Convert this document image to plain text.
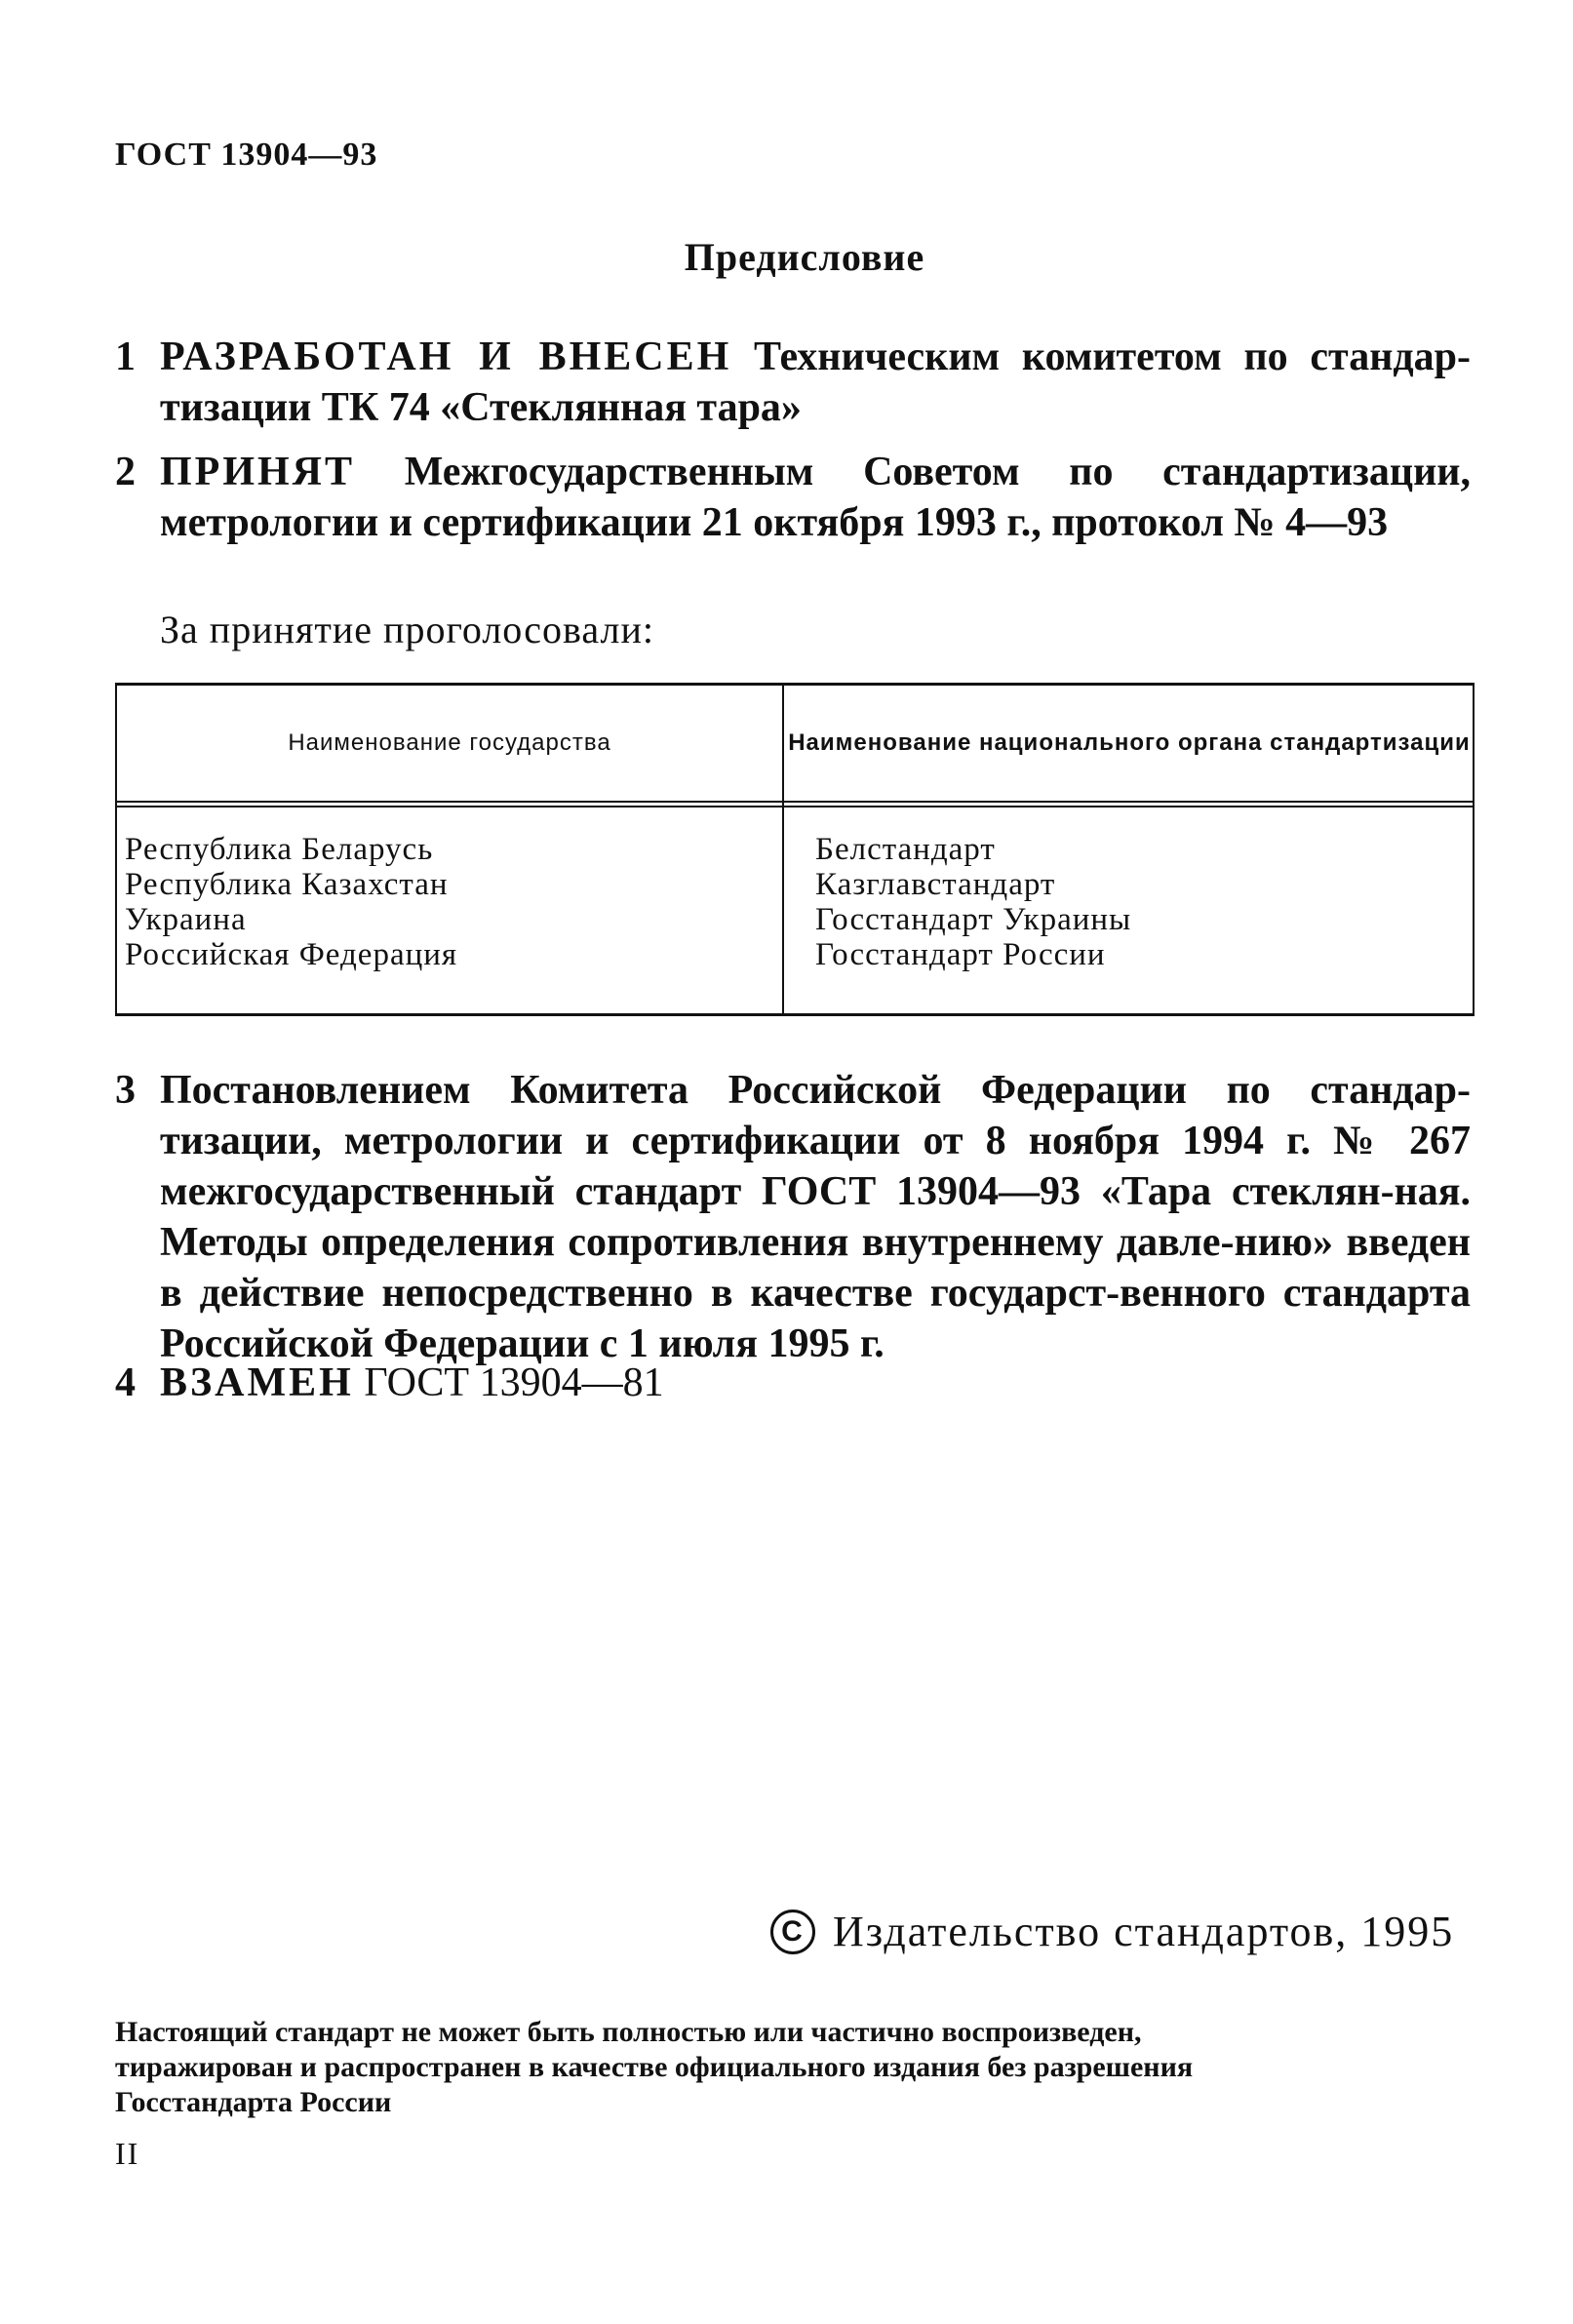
ГОСТ 13904—93
Предисловие
1 РАЗРАБОТАН И ВНЕСЕН Техническим комитетом по стандар-тизации ТК 74 «Стеклянная тара»
2 ПРИНЯТ Межгосударственным Советом по стандартизации, метрологии и сертификации 21 октября 1993 г., протокол № 4—93
За принятие проголосовали:
Наименование государства	Наименование национального органа стандартизации
Республика Беларусь
Республика Казахстан
Украина
Российская Федерация
Белстандарт
Казглавстандарт
Госстандарт Украины
Госстандарт России
3 Постановлением Комитета Российской Федерации по стандар-тизации, метрологии и сертификации от 8 ноября 1994 г. № 267 межгосударственный стандарт ГОСТ 13904—93 «Тара стеклян-ная. Методы определения сопротивления внутреннему давле-нию» введен в действие непосредственно в качестве государст-венного стандарта Российской Федерации с 1 июля 1995 г.
4 ВЗАМЕН ГОСТ 13904—81
C Издательство стандартов, 1995
Настоящий стандарт не может быть полностью или частично воспроизведен,
тиражирован и распространен в качестве официального издания без разрешения
Госстандарта России
II
